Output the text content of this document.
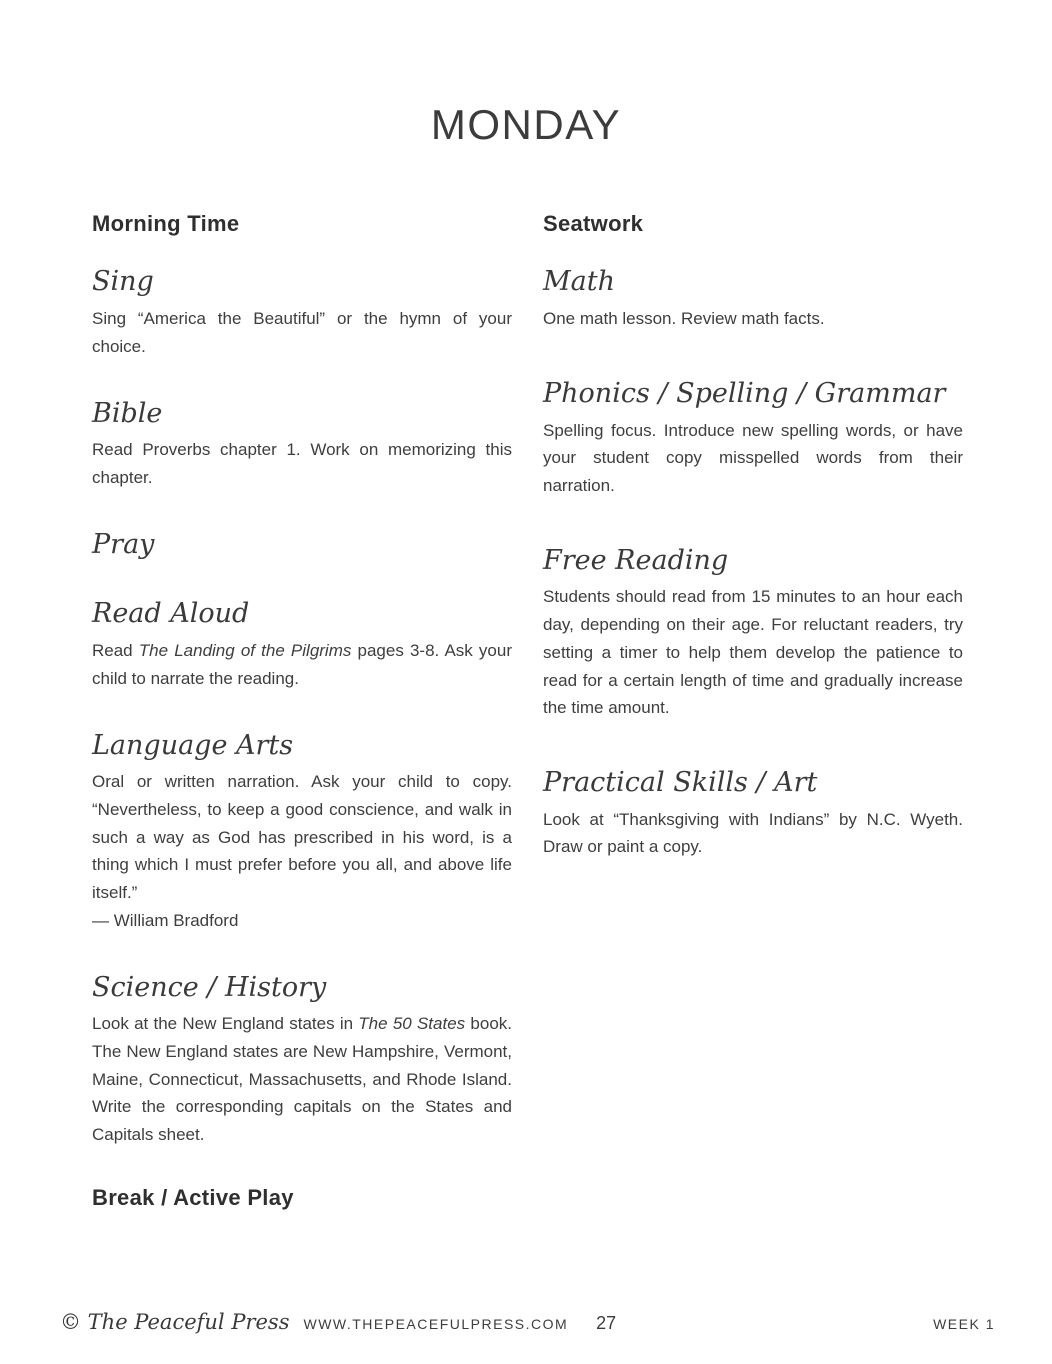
MONDAY
Morning Time
Sing

Sing “America the Beautiful” or the hymn of your choice.

Bible

Read Proverbs chapter 1. Work on memorizing this chapter.

Pray
Read Aloud

Read The Landing of the Pilgrims pages 3-8. Ask your child to narrate the reading.

Language Arts

Oral or written narration. Ask your child to copy. “Nevertheless, to keep a good conscience, and walk in such a way as God has prescribed in his word, is a thing which I must prefer before you all, and above life itself.”

— William Bradford

Science / History

Look at the New England states in The 50 States book. The New England states are New Hampshire, Vermont, Maine, Connecticut, Massachusetts, and Rhode Island. Write the corresponding capitals on the States and Capitals sheet.

Break / Active Play
Seatwork
Math

One math lesson. Review math facts.

Phonics / Spelling / Grammar

Spelling focus. Introduce new spelling words, or have your student copy misspelled words from their narration.

Free Reading

Students should read from 15 minutes to an hour each day, depending on their age. For reluctant readers, try setting a timer to help them develop the patience to read for a certain length of time and gradually increase the time amount.

Practical Skills / Art

Look at “Thanksgiving with Indians” by N.C. Wyeth. Draw or paint a copy.

© The Peaceful Press WWW.THEPEACEFULPRESS.COM 27	WEEK 1
